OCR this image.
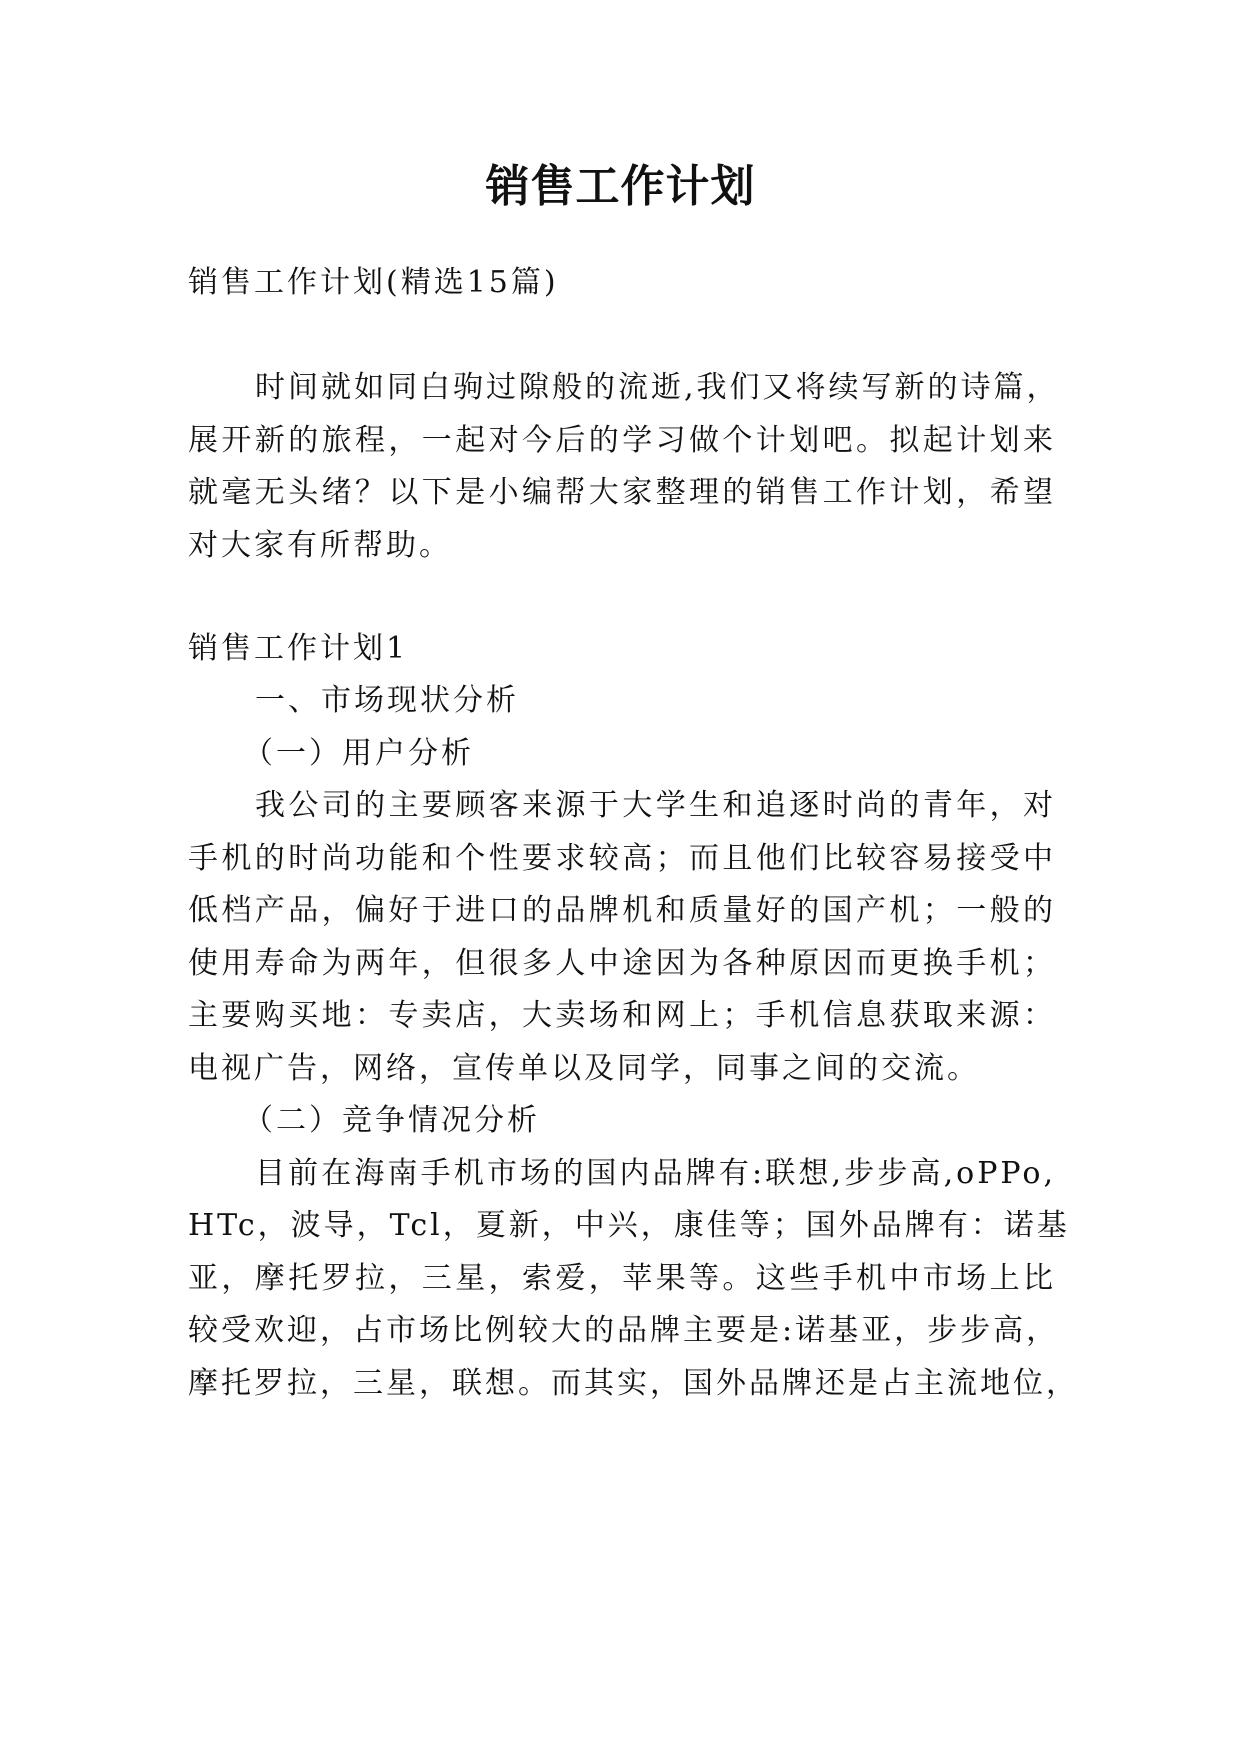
销售工作计划
销售工作计划(精选15篇)
时间就如同白驹过隙般的流逝,我们又将续写新的诗篇，
展开新的旅程，一起对今后的学习做个计划吧。拟起计划来
就毫无头绪？以下是小编帮大家整理的销售工作计划，希望
对大家有所帮助。
销售工作计划1
一、市场现状分析
（一）用户分析
我公司的主要顾客来源于大学生和追逐时尚的青年，对
手机的时尚功能和个性要求较高；而且他们比较容易接受中
低档产品，偏好于进口的品牌机和质量好的国产机；一般的
使用寿命为两年，但很多人中途因为各种原因而更换手机；
主要购买地：专卖店，大卖场和网上；手机信息获取来源：
电视广告，网络，宣传单以及同学，同事之间的交流。
（二）竞争情况分析
目前在海南手机市场的国内品牌有:联想,步步高,oPPo,
HTc，波导，Tcl，夏新，中兴，康佳等；国外品牌有：诺基
亚，摩托罗拉，三星，索爱，苹果等。这些手机中市场上比
较受欢迎，占市场比例较大的品牌主要是:诺基亚，步步高，
摩托罗拉，三星，联想。而其实，国外品牌还是占主流地位，
